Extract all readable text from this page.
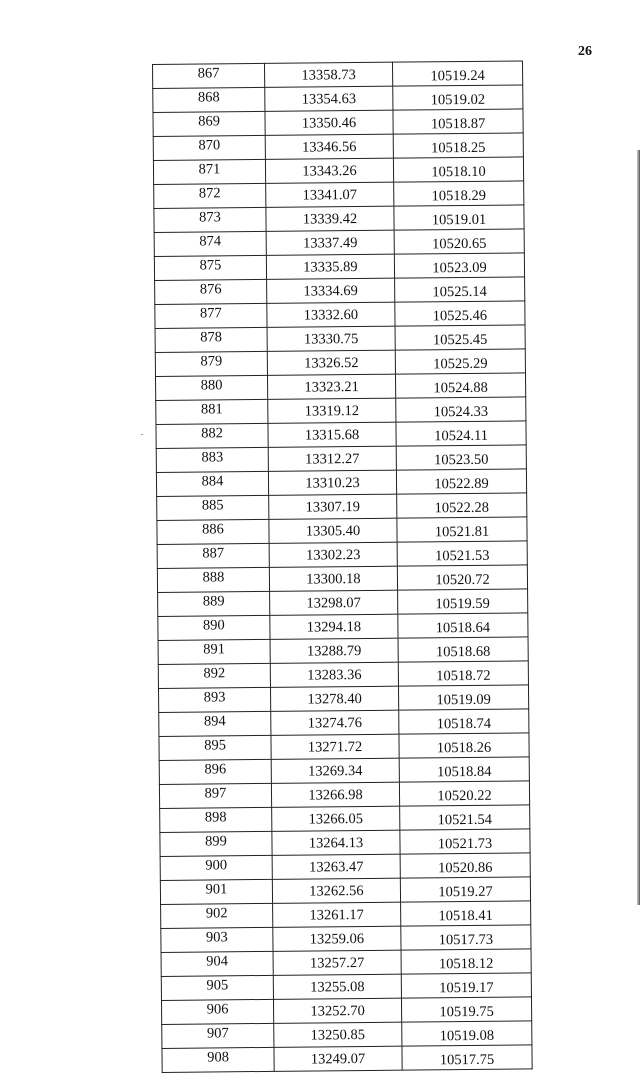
26
867	13358.73	10519.24
868	13354.63	10519.02
869	13350.46	10518.87
870	13346.56	10518.25
871	13343.26	10518.10
872	13341.07	10518.29
873	13339.42	10519.01
874	13337.49	10520.65
875	13335.89	10523.09
876	13334.69	10525.14
877	13332.60	10525.46
878	13330.75	10525.45
879	13326.52	10525.29
880	13323.21	10524.88
881	13319.12	10524.33
882	13315.68	10524.11
883	13312.27	10523.50
884	13310.23	10522.89
885	13307.19	10522.28
886	13305.40	10521.81
887	13302.23	10521.53
888	13300.18	10520.72
889	13298.07	10519.59
890	13294.18	10518.64
891	13288.79	10518.68
892	13283.36	10518.72
893	13278.40	10519.09
894	13274.76	10518.74
895	13271.72	10518.26
896	13269.34	10518.84
897	13266.98	10520.22
898	13266.05	10521.54
899	13264.13	10521.73
900	13263.47	10520.86
901	13262.56	10519.27
902	13261.17	10518.41
903	13259.06	10517.73
904	13257.27	10518.12
905	13255.08	10519.17
906	13252.70	10519.75
907	13250.85	10519.08
908	13249.07	10517.75
